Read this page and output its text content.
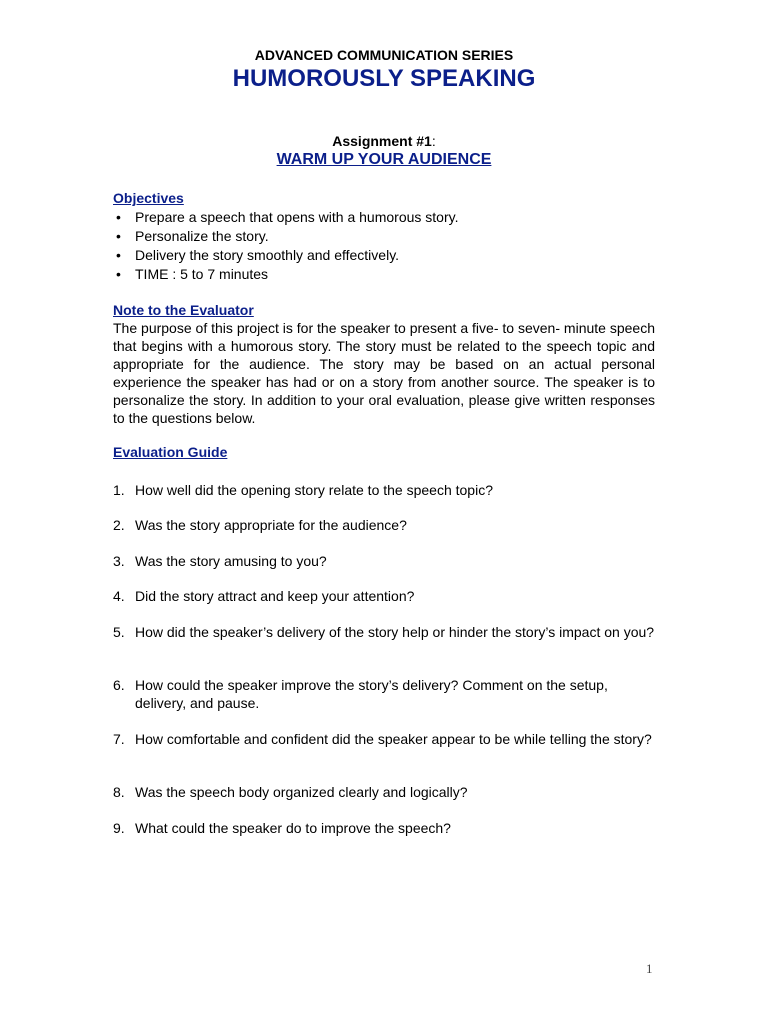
ADVANCED COMMUNICATION SERIES
HUMOROUSLY SPEAKING
Assignment #1:
WARM UP YOUR AUDIENCE
Objectives
• Prepare a speech that opens with a humorous story.
• Personalize the story.
• Delivery the story smoothly and effectively.
• TIME : 5 to 7 minutes
Note to the Evaluator
The purpose of this project is for the speaker to present a five- to seven- minute speech that begins with a humorous story. The story must be related to the speech topic and appropriate for the audience. The story may be based on an actual personal experience the speaker has had or on a story from another source. The speaker is to personalize the story. In addition to your oral evaluation, please give written responses to the questions below.
Evaluation Guide
1. How well did the opening story relate to the speech topic?
2. Was the story appropriate for the audience?
3. Was the story amusing to you?
4. Did the story attract and keep your attention?
5. How did the speaker’s delivery of the story help or hinder the story’s impact on you?
6. How could the speaker improve the story’s delivery? Comment on the setup, delivery, and pause.
7. How comfortable and confident did the speaker appear to be while telling the story?
8. Was the speech body organized clearly and logically?
9. What could the speaker do to improve the speech?
1
